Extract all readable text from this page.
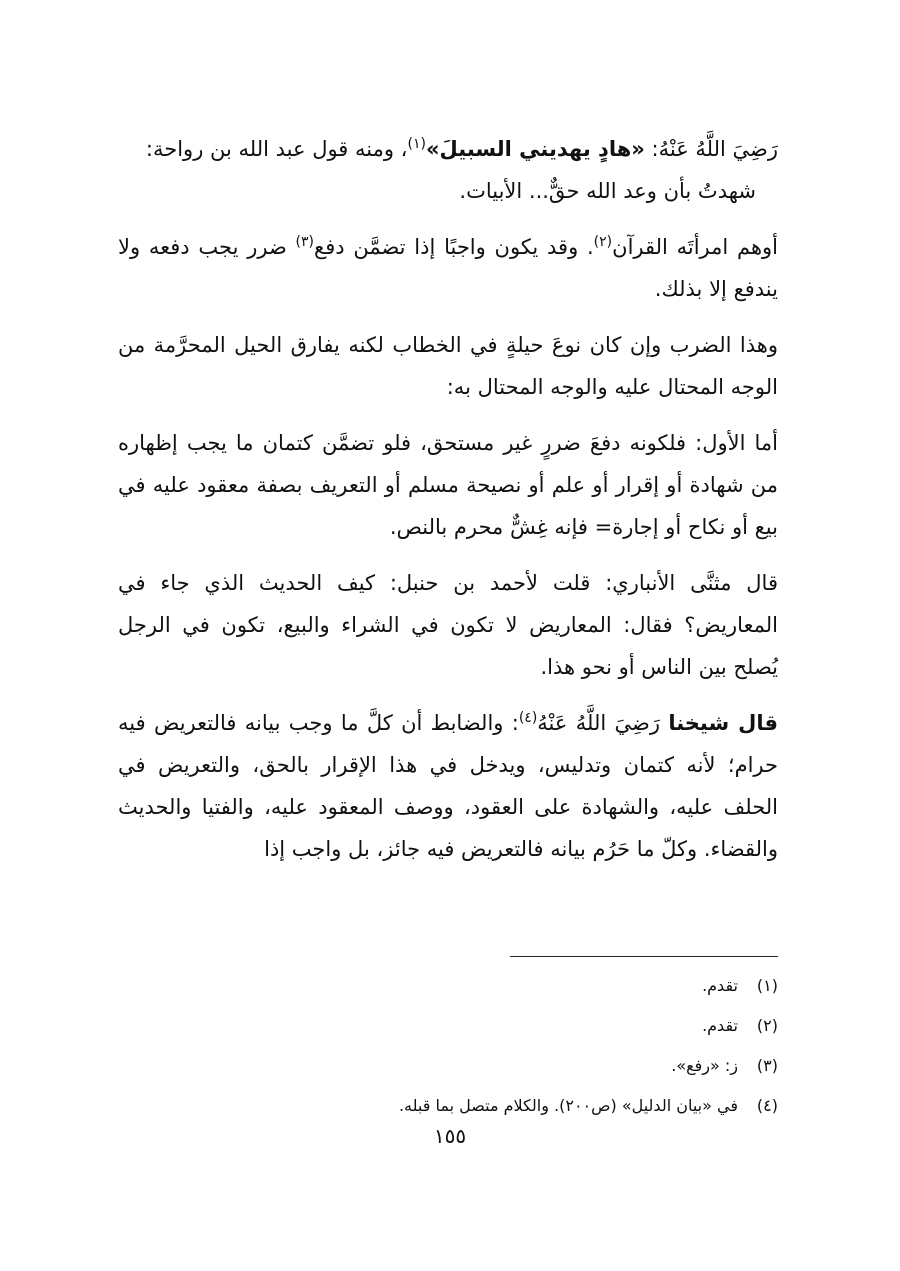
رَضِيَ اللَّهُ عَنْهُ: «هادٍ يهديني السبيلَ»$^{(١)}$، ومنه قول عبد الله بن رواحة:

شهدتُ بأن وعد الله حقٌّ... الأبيات.

أوهم امرأتَه القرآن$^{(٢)}$. وقد يكون واجبًا إذا تضمَّن دفع$^{(٣)}$ ضرر يجب دفعه ولا يندفع إلا بذلك.

وهذا الضرب وإن كان نوعَ حيلةٍ في الخطاب لكنه يفارق الحيل المحرَّمة من الوجه المحتال عليه والوجه المحتال به:

أما الأول: فلكونه دفعَ ضررٍ غير مستحق، فلو تضمَّن كتمان ما يجب إظهاره من شهادة أو إقرار أو علم أو نصيحة مسلم أو التعريف بصفة معقود عليه في بيع أو نكاح أو إجارة= فإنه غِشٌّ محرم بالنص.

قال مثنَّى الأنباري: قلت لأحمد بن حنبل: كيف الحديث الذي جاء في المعاريض؟ فقال: المعاريض لا تكون في الشراء والبيع، تكون في الرجل يُصلح بين الناس أو نحو هذا.

قال شيخنا رَضِيَ اللَّهُ عَنْهُ$^{(٤)}$: والضابط أن كلَّ ما وجب بيانه فالتعريض فيه حرام؛ لأنه كتمان وتدليس، ويدخل في هذا الإقرار بالحق، والتعريض في الحلف عليه، والشهادة على العقود، ووصف المعقود عليه، والفتيا والحديث والقضاء. وكلّ ما حَرُم بيانه فالتعريض فيه جائز، بل واجب إذا

(١)تقدم.
(٢)تقدم.
(٣)ز: «رفع».
(٤)في «بيان الدليل» (ص٢٠٠). والكلام متصل بما قبله.
١٥٥
